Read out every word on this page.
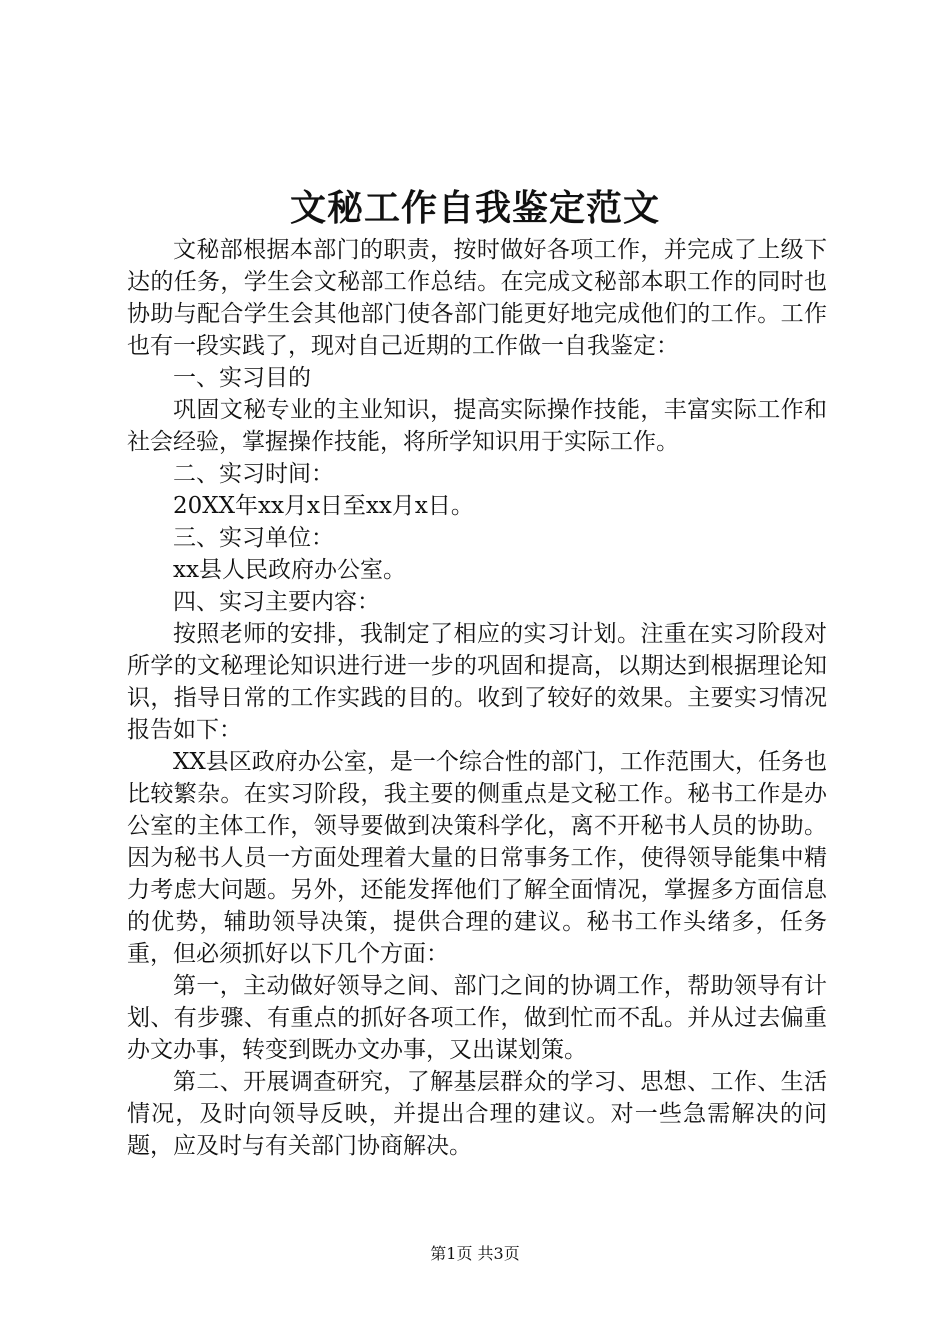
文秘工作自我鉴定范文

文秘部根据本部门的职责，按时做好各项工作，并完成了上级下达的任务，学生会文秘部工作总结。在完成文秘部本职工作的同时也协助与配合学生会其他部门使各部门能更好地完成他们的工作。工作也有一段实践了，现对自己近期的工作做一自我鉴定：

一、实习目的

巩固文秘专业的主业知识，提高实际操作技能，丰富实际工作和社会经验，掌握操作技能，将所学知识用于实际工作。

二、实习时间：

20XX年xx月x日至xx月x日。

三、实习单位：

xx县人民政府办公室。

四、实习主要内容：

按照老师的安排，我制定了相应的实习计划。注重在实习阶段对所学的文秘理论知识进行进一步的巩固和提高，以期达到根据理论知识，指导日常的工作实践的目的。收到了较好的效果。主要实习情况报告如下：

XX县区政府办公室，是一个综合性的部门，工作范围大，任务也比较繁杂。在实习阶段，我主要的侧重点是文秘工作。秘书工作是办公室的主体工作，领导要做到决策科学化，离不开秘书人员的协助。因为秘书人员一方面处理着大量的日常事务工作，使得领导能集中精力考虑大问题。另外，还能发挥他们了解全面情况，掌握多方面信息的优势，辅助领导决策，提供合理的建议。秘书工作头绪多，任务重，但必须抓好以下几个方面：

第一，主动做好领导之间、部门之间的协调工作，帮助领导有计划、有步骤、有重点的抓好各项工作，做到忙而不乱。并从过去偏重办文办事，转变到既办文办事，又出谋划策。

第二、开展调查研究，了解基层群众的学习、思想、工作、生活情况，及时向领导反映，并提出合理的建议。对一些急需解决的问题，应及时与有关部门协商解决。

第1页 共3页
